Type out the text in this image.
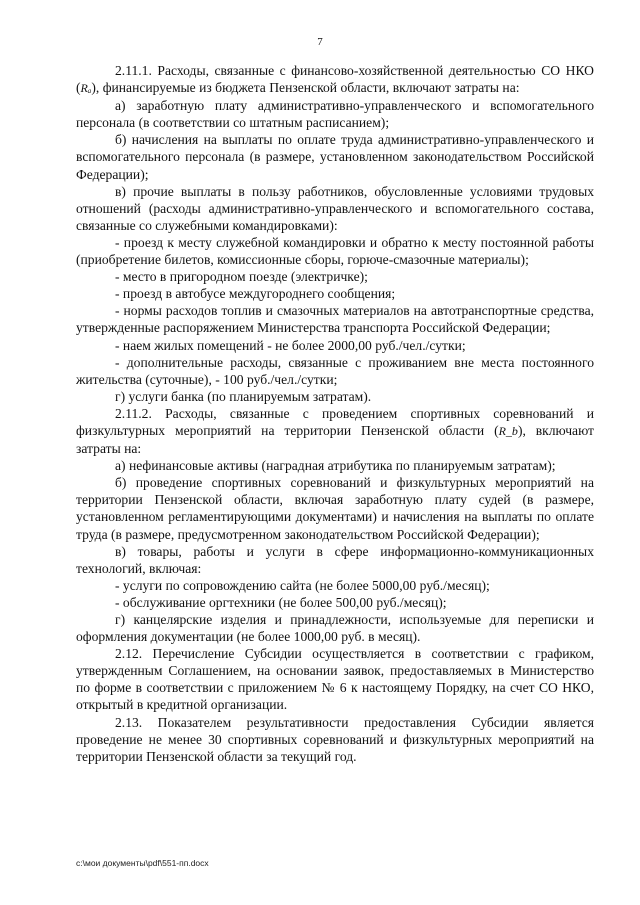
7

2.11.1. Расходы, связанные с финансово-хозяйственной деятельностью СО НКО (Rₐ), финансируемые из бюджета Пензенской области, включают затраты на:

а) заработную плату административно-управленческого и вспомогательного персонала (в соответствии со штатным расписанием);

б) начисления на выплаты по оплате труда административно-управленческого и вспомогательного персонала (в размере, установленном законодательством Российской Федерации);

в) прочие выплаты в пользу работников, обусловленные условиями трудовых отношений (расходы административно-управленческого и вспомогательного состава, связанные со служебными командировками):

- проезд к месту служебной командировки и обратно к месту постоянной работы (приобретение билетов, комиссионные сборы, горюче-смазочные материалы);

- место в пригородном поезде (электричке);

- проезд в автобусе междугороднего сообщения;

- нормы расходов топлив и смазочных материалов на автотранспортные средства, утвержденные распоряжением Министерства транспорта Российской Федерации;

- наем жилых помещений - не более 2000,00 руб./чел./сутки;

- дополнительные расходы, связанные с проживанием вне места постоянного жительства (суточные), - 100 руб./чел./сутки;

г) услуги банка (по планируемым затратам).

2.11.2. Расходы, связанные с проведением спортивных соревнований и физкультурных мероприятий на территории Пензенской области (R_b), включают затраты на:

а) нефинансовые активы (наградная атрибутика по планируемым затратам);

б) проведение спортивных соревнований и физкультурных мероприятий на территории Пензенской области, включая заработную плату судей (в размере, установленном регламентирующими документами) и начисления на выплаты по оплате труда (в размере, предусмотренном законодательством Российской Федерации);

в) товары, работы и услуги в сфере информационно-коммуникационных технологий, включая:

- услуги по сопровождению сайта (не более 5000,00 руб./месяц);

- обслуживание оргтехники (не более 500,00 руб./месяц);

г) канцелярские изделия и принадлежности, используемые для переписки и оформления документации (не более 1000,00 руб. в месяц).

2.12. Перечисление Субсидии осуществляется в соответствии с графиком, утвержденным Соглашением, на основании заявок, предоставляемых в Министерство по форме в соответствии с приложением № 6 к настоящему Порядку, на счет СО НКО, открытый в кредитной организации.

2.13. Показателем результативности предоставления Субсидии является проведение не менее 30 спортивных соревнований и физкультурных мероприятий на территории Пензенской области за текущий год.

c:\мои документы\pdf\551-пп.docx
